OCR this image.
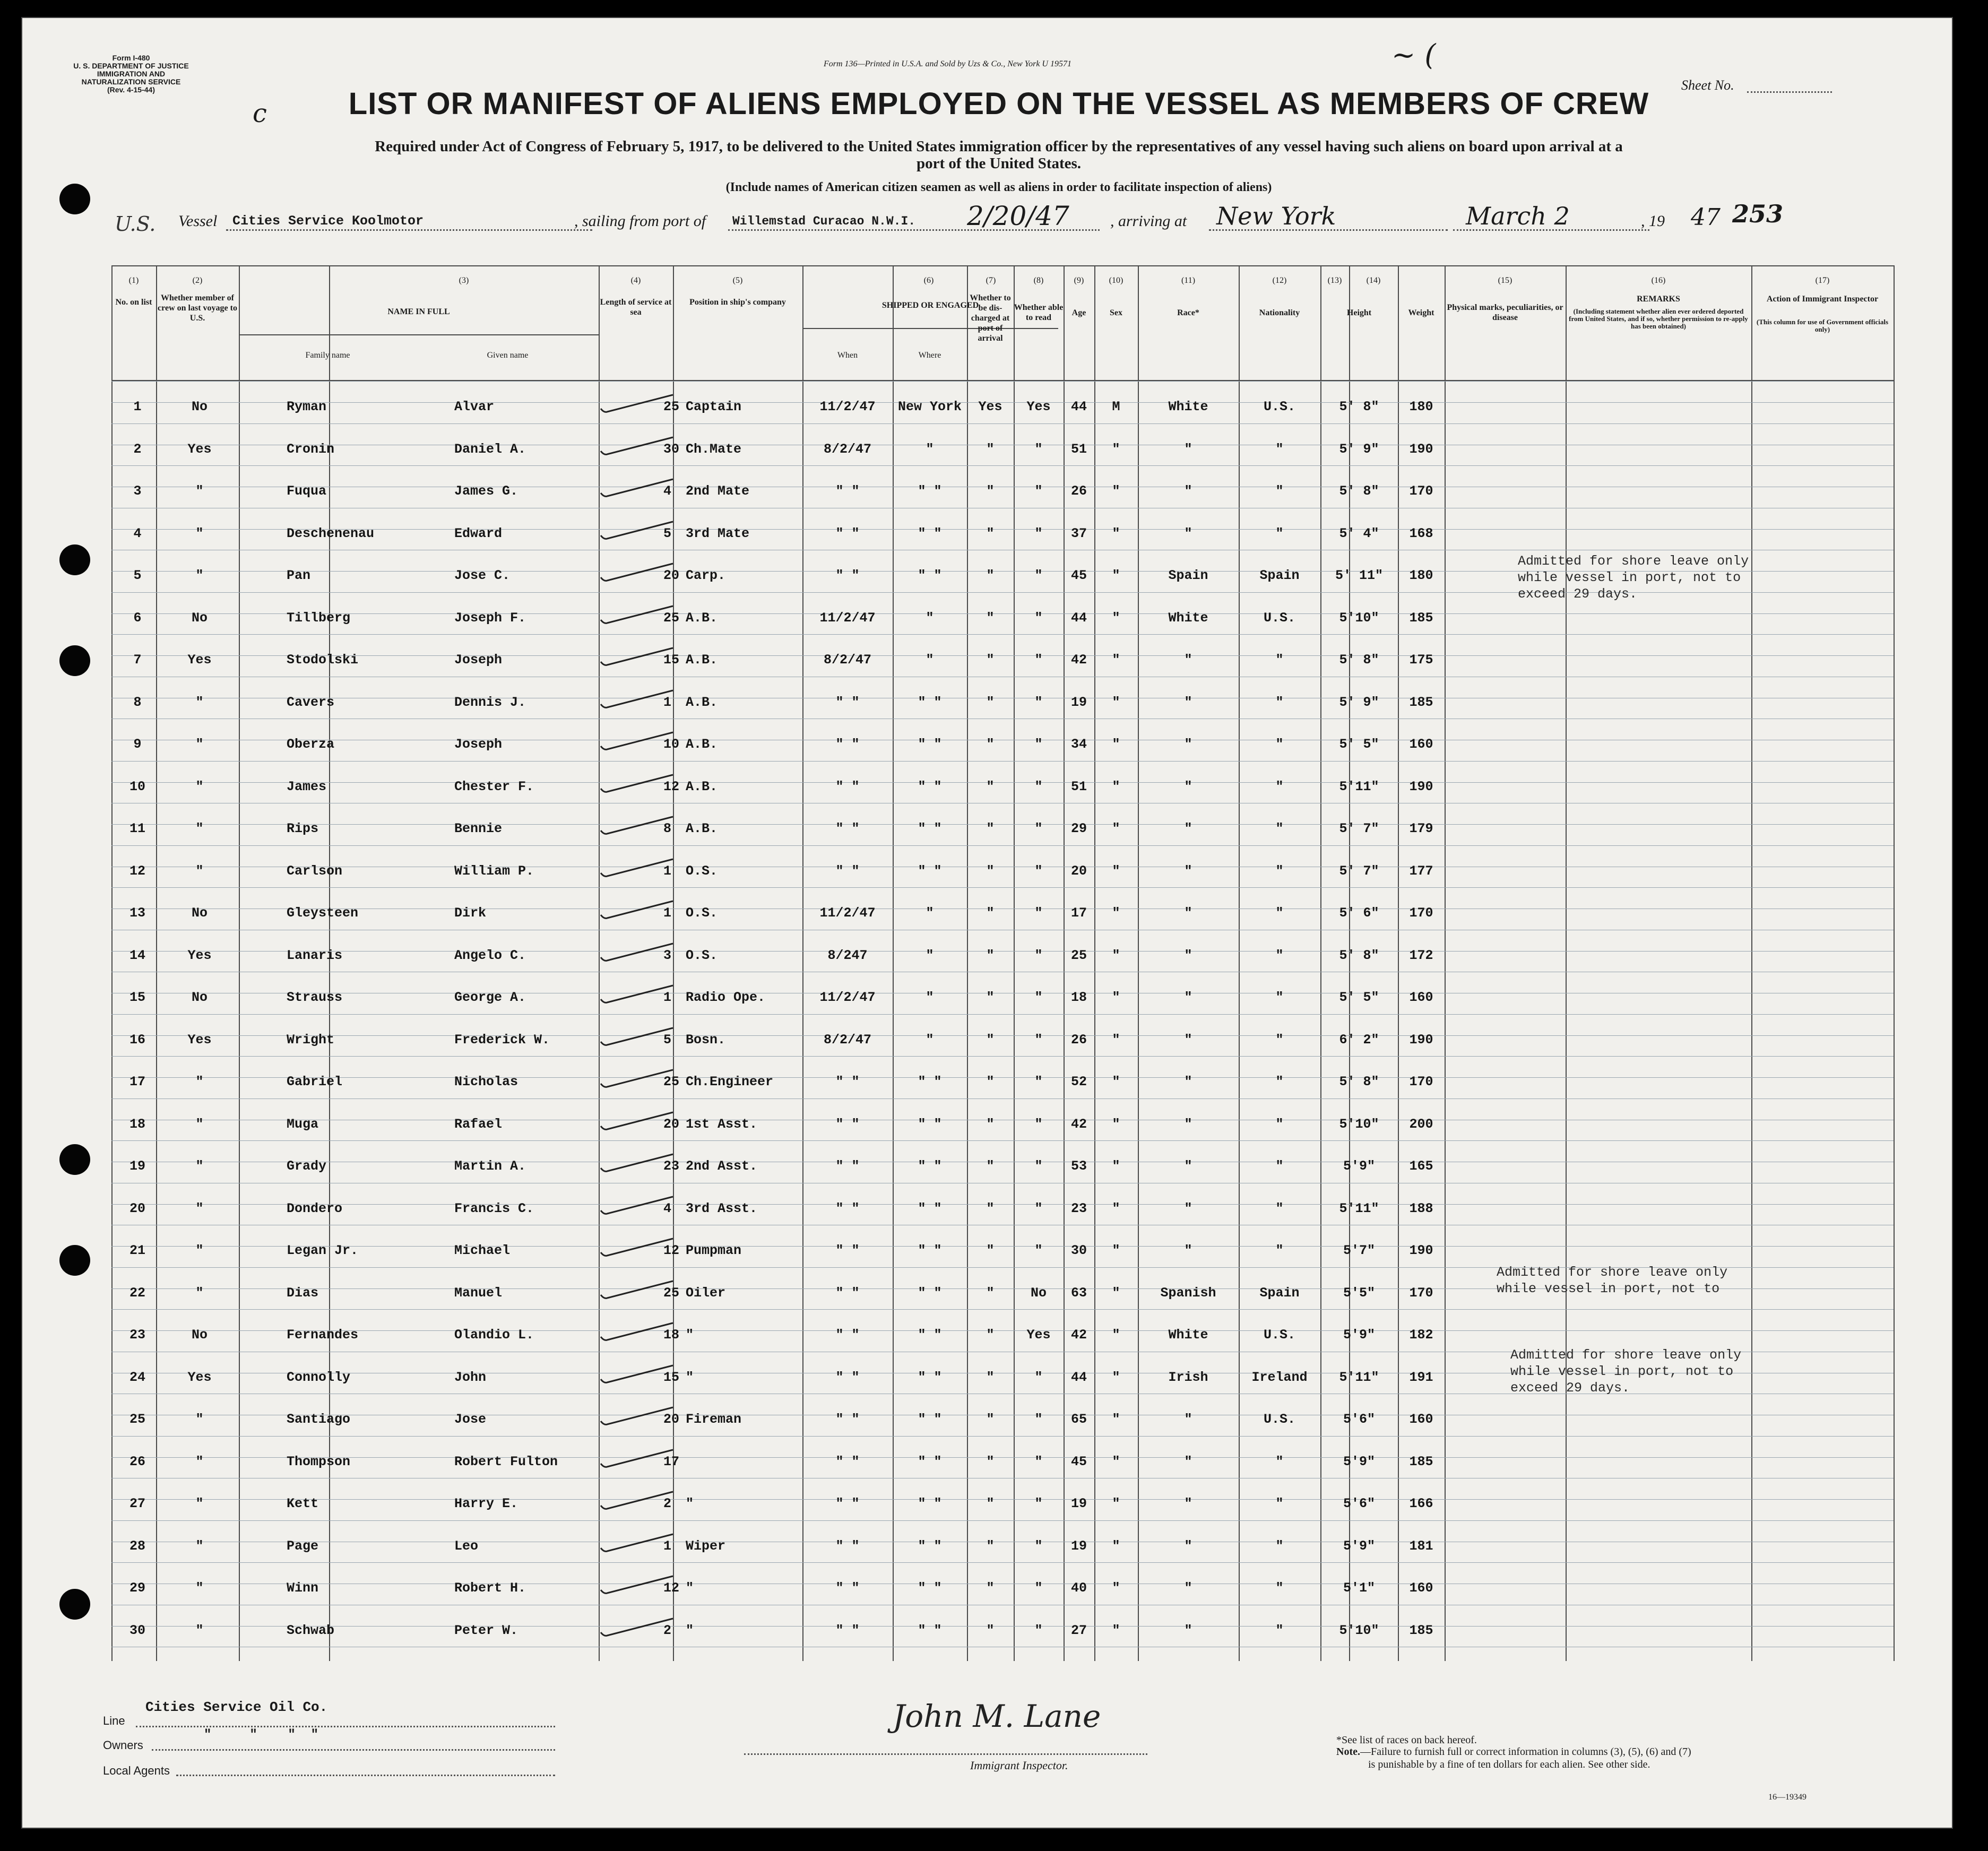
Form I-480
U. S. DEPARTMENT OF JUSTICE
IMMIGRATION AND NATURALIZATION SERVICE
(Rev. 4-15-44)
c
~ (
Form 136—Printed in U.S.A. and Sold by Uzs & Co., New York U 19571
Sheet No.
LIST OR MANIFEST OF ALIENS EMPLOYED ON THE VESSEL AS MEMBERS OF CREW
Required under Act of Congress of February 5, 1917, to be delivered to the United States immigration officer by the representatives of any vessel having such aliens on board upon arrival at a
port of the United States.
(Include names of American citizen seamen as well as aliens in order to facilitate inspection of aliens)
U.S. Vessel Cities Service Koolmotor	, sailing from port of Willemstad Curacao N.W.I. 2/20/47	, arriving at New York	March 2	, 19 47 253
(1)	(2)	(3)	(4)	(5)	(6)	(7)	(8)	(9)	(10)	(11)	(12)	(13)	(14)	(15)	(16)	(17)
No. on list	Whether member of crew on last voyage to U.S.
NAME IN FULL
Family name	Given name
Length of service at sea
Position in ship's company	SHIPPED OR ENGAGED
When	Where
Whether to be dis-charged at port of arrival
Whether able to read
Age	Sex	Race*	Nationality	Height	Weight
Physical marks, peculiarities, or disease
REMARKS
(Including statement whether alien ever ordered deported from United States, and if so, whether permission to re-apply has been obtained)
Action of Immigrant Inspector
(This column for use of Government officials only)
1	No	Ryman	Alvar	25 Captain	11/2/47	New York	Yes	Yes	44	M	White	U.S.	5' 8"	180
2	Yes	Cronin	Daniel A.	30 Ch.Mate	8/2/47	"	"	"	51	"	"	"	5' 9"	190
3	"	Fuqua	James G.	4	2nd Mate	" "	" "	"	"	26	"	"	"	5' 8"	170
4	"	Deschenenau	Edward	5	3rd Mate	" "	" "	"	"	37	"	"	"	5' 4"	168
5	"	Pan	Jose C.	20 Carp.	" "	" "	"	"	45	"	Spain	Spain	5' 11"	180
6	No	Tillberg	Joseph F.	25 A.B.	11/2/47	"	"	"	44	"	White	U.S.	5'10"	185
7	Yes	Stodolski	Joseph	15 A.B.	8/2/47	"	"	"	42	"	"	"	5' 8"	175
8	"	Cavers	Dennis J.	1	A.B.	" "	" "	"	"	19	"	"	"	5' 9"	185
9	"	Oberza	Joseph	10 A.B.	" "	" "	"	"	34	"	"	"	5' 5"	160
10	"	James	Chester F.	12 A.B.	" "	" "	"	"	51	"	"	"	5'11"	190
11	"	Rips	Bennie	8	A.B.	" "	" "	"	"	29	"	"	"	5' 7"	179
12	"	Carlson	William P.	1	O.S.	" "	" "	"	"	20	"	"	"	5' 7"	177
13	No	Gleysteen	Dirk	1	O.S.	11/2/47	"	"	"	17	"	"	"	5' 6"	170
14	Yes	Lanaris	Angelo C.	3	O.S.	8/247	"	"	"	25	"	"	"	5' 8"	172
15	No	Strauss	George A.	1	Radio Ope.	11/2/47	"	"	"	18	"	"	"	5' 5"	160
16	Yes	Wright	Frederick W.	5	Bosn.	8/2/47	"	"	"	26	"	"	"	6' 2"	190
17	"	Gabriel	Nicholas	25 Ch.Engineer	" "	" "	"	"	52	"	"	"	5' 8"	170
18	"	Muga	Rafael	20 1st Asst.	" "	" "	"	"	42	"	"	"	5'10"	200
19	"	Grady	Martin A.	23 2nd Asst.	" "	" "	"	"	53	"	"	"	5'9"	165
20	"	Dondero	Francis C.	4	3rd Asst.	" "	" "	"	"	23	"	"	"	5'11"	188
21	"	Legan Jr.	Michael	12 Pumpman	" "	" "	"	"	30	"	"	"	5'7"	190
22	"	Dias	Manuel	25 Oiler	" "	" "	"	No	63	"	Spanish	Spain	5'5"	170
23	No	Fernandes	Olandio L.	18 "	" "	" "	"	Yes	42	"	White	U.S.	5'9"	182
24	Yes	Connolly	John	15 "	" "	" "	"	"	44	"	Irish	Ireland	5'11"	191
25	"	Santiago	Jose	20 Fireman	" "	" "	"	"	65	"	"	U.S.	5'6"	160
26	"	Thompson	Robert Fulton	17	" "	" "	"	"	45	"	"	"	5'9"	185
27	"	Kett	Harry E.	2	"	" "	" "	"	"	19	"	"	"	5'6"	166
28	"	Page	Leo	1	Wiper	" "	" "	"	"	19	"	"	"	5'9"	181
29	"	Winn	Robert H.	12 "	" "	" "	"	"	40	"	"	"	5'1"	160
30	"	Schwab	Peter W.	2	"	" "	" "	"	"	27	"	"	"	5'10"	185
Admitted for shore leave only
while vessel in port, not to
exceed 29 days.
Admitted for shore leave only
while vessel in port, not to
Admitted for shore leave only
while vessel in port, not to
exceed 29 days.
Line
Cities Service Oil Co.
Owners
"     "    "  "
Local Agents
John M. Lane
Immigrant Inspector.
*See list of races on back hereof.
Note.—Failure to furnish full or correct information in columns (3), (5), (6) and (7)
is punishable by a fine of ten dollars for each alien. See other side.
16—19349
